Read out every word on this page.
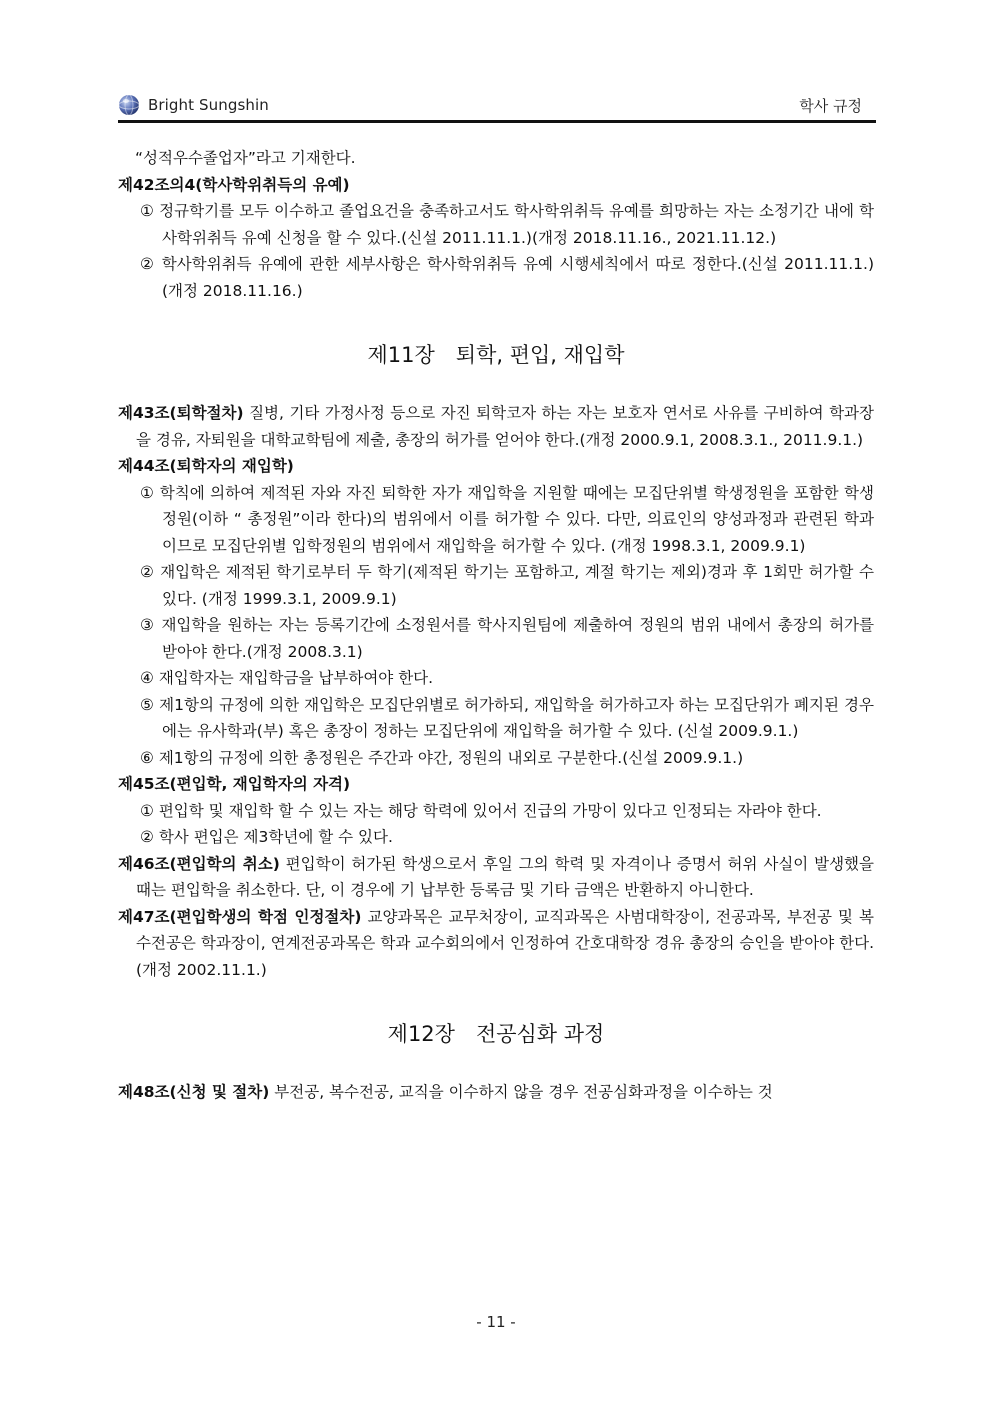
Bright Sungshin	학사 규정

“성적우수졸업자”라고 기재한다.

제42조의4(학사학위취득의 유예)

① 정규학기를 모두 이수하고 졸업요건을 충족하고서도 학사학위취득 유예를 희망하는 자는 소정기간 내에 학사학위취득 유예 신청을 할 수 있다.(신설 2011.11.1.)(개정 2018.11.16., 2021.11.12.)

② 학사학위취득 유예에 관한 세부사항은 학사학위취득 유예 시행세칙에서 따로 정한다.(신설 2011.11.1.)(개정 2018.11.16.)

제11장　퇴학, 편입, 재입학

제43조(퇴학절차) 질병, 기타 가정사정 등으로 자진 퇴학코자 하는 자는 보호자 연서로 사유를 구비하여 학과장을 경유, 자퇴원을 대학교학팀에 제출, 총장의 허가를 얻어야 한다.(개정 2000.9.1, 2008.3.1., 2011.9.1.)

제44조(퇴학자의 재입학)

① 학칙에 의하여 제적된 자와 자진 퇴학한 자가 재입학을 지원할 때에는 모집단위별 학생정원을 포함한 학생정원(이하 “ 총정원”이라 한다)의 범위에서 이를 허가할 수 있다. 다만, 의료인의 양성과정과 관련된 학과이므로 모집단위별 입학정원의 범위에서 재입학을 허가할 수 있다. (개정 1998.3.1, 2009.9.1)

② 재입학은 제적된 학기로부터 두 학기(제적된 학기는 포함하고, 계절 학기는 제외)경과 후 1회만 허가할 수 있다. (개정 1999.3.1, 2009.9.1)

③ 재입학을 원하는 자는 등록기간에 소정원서를 학사지원팀에 제출하여 정원의 범위 내에서 총장의 허가를 받아야 한다.(개정 2008.3.1)

④ 재입학자는 재입학금을 납부하여야 한다.

⑤ 제1항의 규정에 의한 재입학은 모집단위별로 허가하되, 재입학을 허가하고자 하는 모집단위가 폐지된 경우에는 유사학과(부) 혹은 총장이 정하는 모집단위에 재입학을 허가할 수 있다. (신설 2009.9.1.)

⑥ 제1항의 규정에 의한 총정원은 주간과 야간, 정원의 내외로 구분한다.(신설 2009.9.1.)

제45조(편입학, 재입학자의 자격)

① 편입학 및 재입학 할 수 있는 자는 해당 학력에 있어서 진급의 가망이 있다고 인정되는 자라야 한다.

② 학사 편입은 제3학년에 할 수 있다.

제46조(편입학의 취소) 편입학이 허가된 학생으로서 후일 그의 학력 및 자격이나 증명서 허위 사실이 발생했을 때는 편입학을 취소한다. 단, 이 경우에 기 납부한 등록금 및 기타 금액은 반환하지 아니한다.

제47조(편입학생의 학점 인정절차) 교양과목은 교무처장이, 교직과목은 사범대학장이, 전공과목, 부전공 및 복수전공은 학과장이, 연계전공과목은 학과 교수회의에서 인정하여 간호대학장 경유 총장의 승인을 받아야 한다.(개정 2002.11.1.)

제12장　전공심화 과정

제48조(신청 및 절차) 부전공, 복수전공, 교직을 이수하지 않을 경우 전공심화과정을 이수하는 것

- 11 -
